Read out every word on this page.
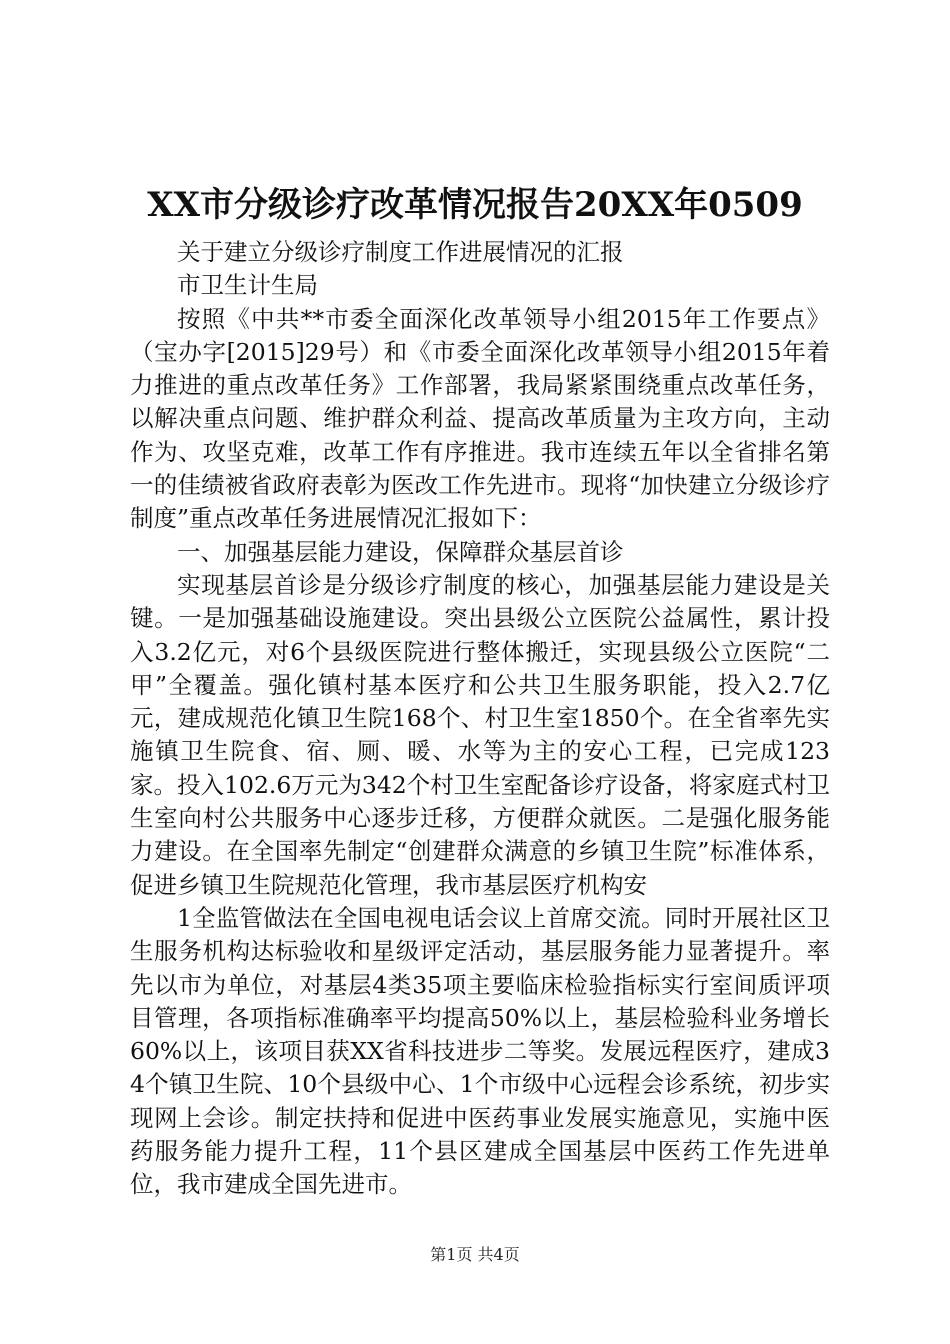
XX市分级诊疗改革情况报告20XX年0509

关于建立分级诊疗制度工作进展情况的汇报

市卫生计生局

按照《中共**市委全面深化改革领导小组2015年工作要点》（宝办字[2015]29号）和《市委全面深化改革领导小组2015年着力推进的重点改革任务》工作部署，我局紧紧围绕重点改革任务，以解决重点问题、维护群众利益、提高改革质量为主攻方向，主动作为、攻坚克难，改革工作有序推进。我市连续五年以全省排名第一的佳绩被省政府表彰为医改工作先进市。现将“加快建立分级诊疗制度”重点改革任务进展情况汇报如下：

一、加强基层能力建设，保障群众基层首诊

实现基层首诊是分级诊疗制度的核心，加强基层能力建设是关键。一是加强基础设施建设。突出县级公立医院公益属性，累计投入3.2亿元，对6个县级医院进行整体搬迁，实现县级公立医院“二甲”全覆盖。强化镇村基本医疗和公共卫生服务职能，投入2.7亿元，建成规范化镇卫生院168个、村卫生室1850个。在全省率先实施镇卫生院食、宿、厕、暖、水等为主的安心工程，已完成123家。投入102.6万元为342个村卫生室配备诊疗设备，将家庭式村卫生室向村公共服务中心逐步迁移，方便群众就医。二是强化服务能力建设。在全国率先制定“创建群众满意的乡镇卫生院”标准体系，促进乡镇卫生院规范化管理，我市基层医疗机构安

1全监管做法在全国电视电话会议上首席交流。同时开展社区卫生服务机构达标验收和星级评定活动，基层服务能力显著提升。率先以市为单位，对基层4类35项主要临床检验指标实行室间质评项目管理，各项指标准确率平均提高50%以上，基层检验科业务增长60%以上，该项目获XX省科技进步二等奖。发展远程医疗，建成34个镇卫生院、10个县级中心、1个市级中心远程会诊系统，初步实现网上会诊。制定扶持和促进中医药事业发展实施意见，实施中医药服务能力提升工程，11个县区建成全国基层中医药工作先进单位，我市建成全国先进市。

第1页 共4页
